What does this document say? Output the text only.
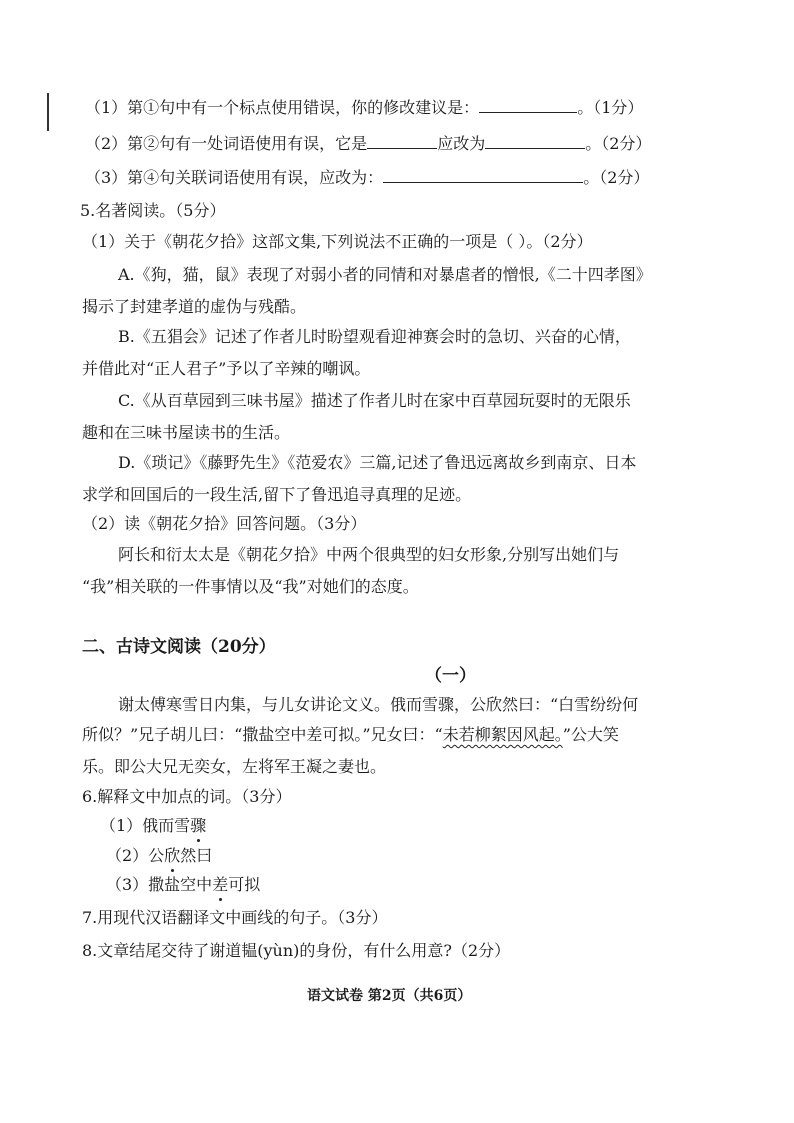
（1）第①句中有一个标点使用错误，你的修改建议是：	。（1分）
（2）第②句有一处词语使用有误，它是	应改为	。（2分）
（3）第④句关联词语使用有误，应改为：	。（2分）
5.名著阅读。（5分）
（1）关于《朝花夕拾》这部文集,下列说法不正确的一项是（ ）。（2分）
A.《狗，猫，鼠》表现了对弱小者的同情和对暴虐者的憎恨,《二十四孝图》
揭示了封建孝道的虚伪与残酷。
B.《五猖会》记述了作者儿时盼望观看迎神赛会时的急切、兴奋的心情，
并借此对“正人君子”予以了辛辣的嘲讽。
C.《从百草园到三味书屋》描述了作者儿时在家中百草园玩耍时的无限乐
趣和在三味书屋读书的生活。
D.《琐记》《藤野先生》《范爱农》三篇,记述了鲁迅远离故乡到南京、日本
求学和回国后的一段生活,留下了鲁迅追寻真理的足迹。
（2）读《朝花夕拾》回答问题。（3分）
阿长和衍太太是《朝花夕拾》中两个很典型的妇女形象,分别写出她们与
“我”相关联的一件事情以及“我”对她们的态度。
二、古诗文阅读（20分）
（一）
谢太傅寒雪日内集，与儿女讲论文义。俄而雪骤，公欣然曰：“白雪纷纷何
所似？”兄子胡儿曰：“撒盐空中差可拟。”兄女曰：“未若柳絮因风起。”公大笑
乐。即公大兄无奕女，左将军王凝之妻也。
6.解释文中加点的词。（3分）
（1）俄而雪骤
（2）公欣然曰
（3）撒盐空中差可拟
7.用现代汉语翻译文中画线的句子。（3分）
8.文章结尾交待了谢道韫(yùn)的身份，有什么用意?（2分）
语文试卷 第2页（共6页）
